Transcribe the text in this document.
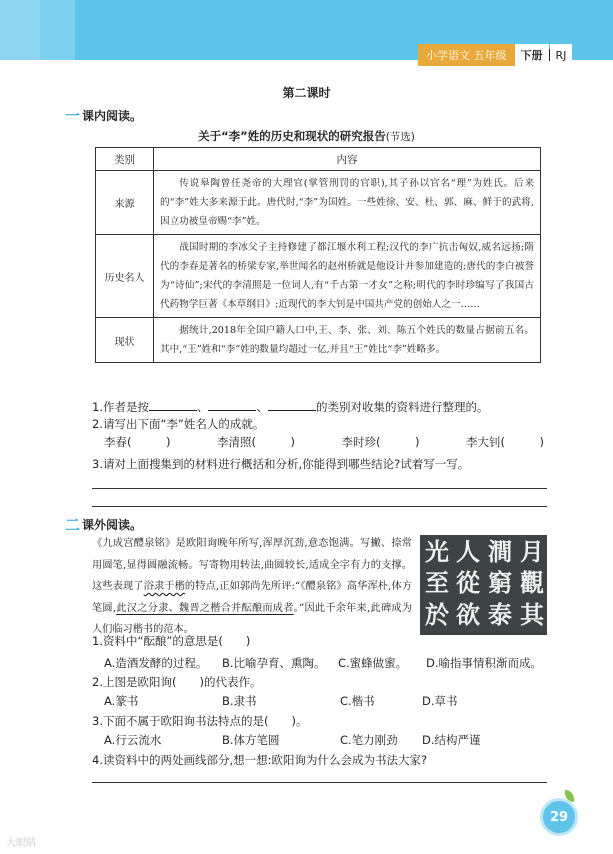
小学语文 五年级	下册	RJ
第二课时
一 课内阅读。
关于“李”姓的历史和现状的研究报告(节选)
类别	内容
来源	传说皋陶曾任尧帝的大理官(掌管刑罚的官职),其子孙以官名“理”为姓氏。后来的“李”姓大多来源于此。唐代时,“李”为国姓。一些姓徐、安、杜、郭、麻、鲜于的武将,因立功被皇帝赐“李”姓。
历史名人	战国时期的李冰父子主持修建了都江堰水利工程;汉代的李广抗击匈奴,威名远扬;隋代的李春是著名的桥梁专家,举世闻名的赵州桥就是他设计并参加建造的;唐代的李白被誉为“诗仙”;宋代的李清照是一位词人,有“千古第一才女”之称;明代的李时珍编写了我国古代药物学巨著《本草纲目》;近现代的李大钊是中国共产党的创始人之一……
现状	据统计,2018年全国户籍人口中,王、李、张、刘、陈五个姓氏的数量占据前五名。其中,“王”姓和“李”姓的数量均超过一亿,并且“王”姓比“李”姓略多。
1.作者是按	、	、	的类别对收集的资料进行整理的。
2.请写出下面“李”姓名人的成就。
李春(　　　)	李清照(　　　)	李时珍(　　　)	李大钊(　　　)
3.请对上面搜集到的材料进行概括和分析,你能得到哪些结论?试着写一写。
二 课外阅读。
《九成宫醴泉铭》是欧阳询晚年所写,浑厚沉劲,意态饱满。写撇、捺常用圆笔,显得圆融流畅。写寄物用转法,曲圆较长,适成全字有力的支撑。这些表现了浴隶于楷的特点,正如郭尚先所评:“《醴泉铭》高华浑朴,体方笔圆,此汉之分隶、魏晋之楷合并酝酿而成者。”因此千余年来,此碑成为人们临习楷书的范本。
月
觀
澗
窮
泰 其
人
從
欲
光
至
於
1.资料中“酝酿”的意思是(　　)
A.造酒发酵的过程。	B.比喻孕育、熏陶。	C.蜜蜂做蜜。	D.喻指事情积渐而成。
2.上图是欧阳询(　　)的代表作。
A.篆书	B.隶书	C.楷书	D.草书
3.下面不属于欧阳询书法特点的是(　　)。
A.行云流水	B.体方笔圆	C.笔力刚劲	D.结构严谨
4.读资料中的两处画线部分,想一想:欧阳询为什么会成为书法大家?
29
大眼睛
